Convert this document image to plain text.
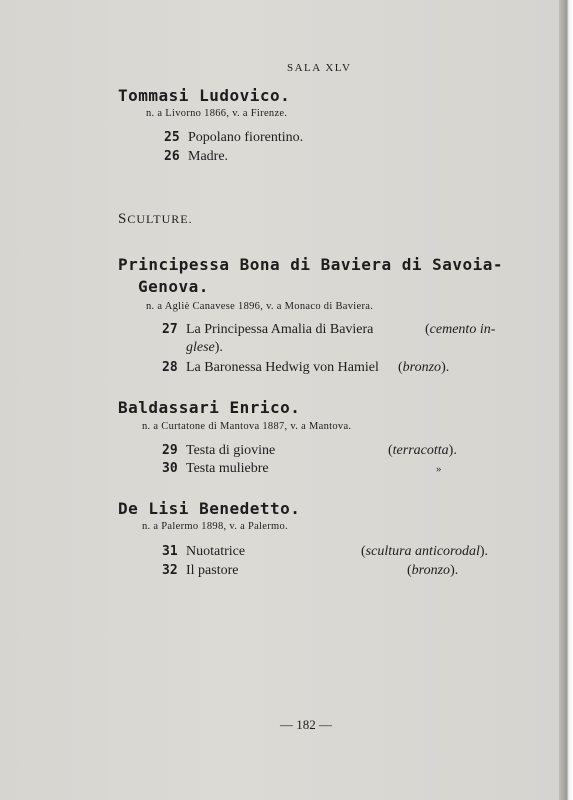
SALA XLV
Tommasi Ludovico.
n. a Livorno 1866, v. a Firenze.
25 Popolano fiorentino.
26 Madre.
SCULTURE.
Principessa Bona di Baviera di Savoia-
Genova.
n. a Agliè Canavese 1896, v. a Monaco di Baviera.
27 La Principessa Amalia di Baviera	(cemento in-
glese).
28 La Baronessa Hedwig von Hamiel (bronzo).
Baldassari Enrico.
n. a Curtatone di Mantova 1887, v. a Mantova.
29 Testa di giovine	(terracotta).
30 Testa muliebre	»
De Lisi Benedetto.
n. a Palermo 1898, v. a Palermo.
31 Nuotatrice	(scultura anticorodal).
32 Il pastore	(bronzo).
— 182 —
